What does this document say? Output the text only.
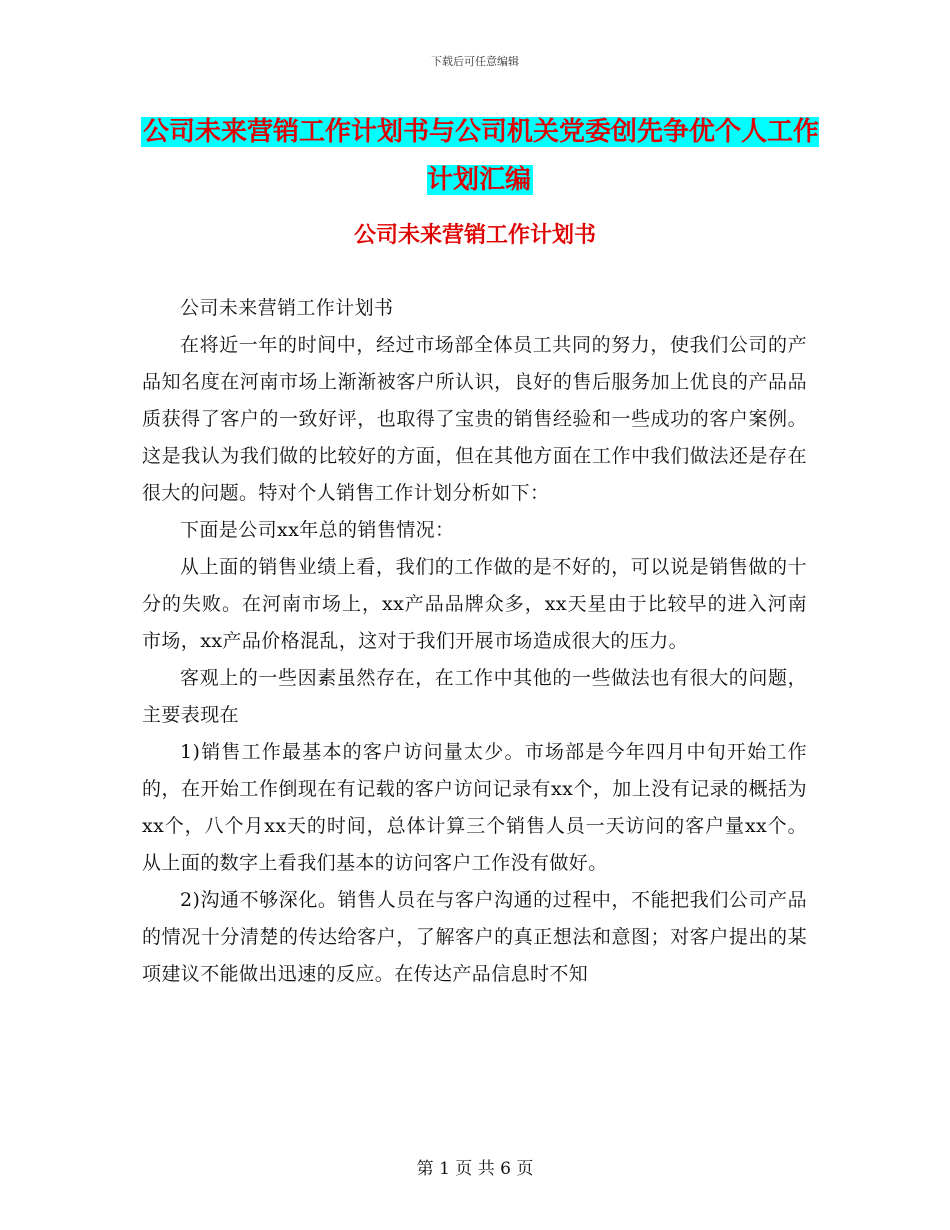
下载后可任意编辑
公司未来营销工作计划书与公司机关党委创先争优个人工作计划汇编
公司未来营销工作计划书

公司未来营销工作计划书

在将近一年的时间中，经过市场部全体员工共同的努力，使我们公司的产品知名度在河南市场上渐渐被客户所认识，良好的售后服务加上优良的产品品质获得了客户的一致好评，也取得了宝贵的销售经验和一些成功的客户案例。这是我认为我们做的比较好的方面，但在其他方面在工作中我们做法还是存在很大的问题。特对个人销售工作计划分析如下：

下面是公司xx年总的销售情况：

从上面的销售业绩上看，我们的工作做的是不好的，可以说是销售做的十分的失败。在河南市场上，xx产品品牌众多，xx天星由于比较早的进入河南市场，xx产品价格混乱，这对于我们开展市场造成很大的压力。

客观上的一些因素虽然存在，在工作中其他的一些做法也有很大的问题，主要表现在

1)销售工作最基本的客户访问量太少。市场部是今年四月中旬开始工作的，在开始工作倒现在有记载的客户访问记录有xx个，加上没有记录的概括为xx个，八个月xx天的时间，总体计算三个销售人员一天访问的客户量xx个。从上面的数字上看我们基本的访问客户工作没有做好。

2)沟通不够深化。销售人员在与客户沟通的过程中，不能把我们公司产品的情况十分清楚的传达给客户，了解客户的真正想法和意图；对客户提出的某项建议不能做出迅速的反应。在传达产品信息时不知

第 1 页 共 6 页
